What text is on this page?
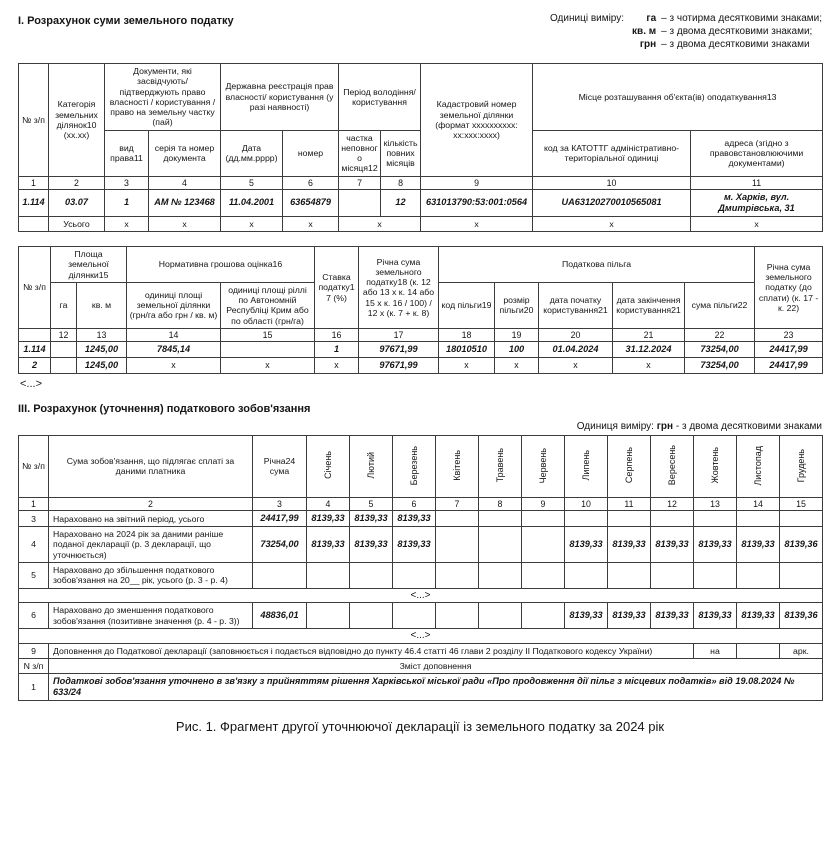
І. Розрахунок суми земельного податку	Одиниці виміру:	га – з чотирма десятковими знаками;
кв. м – з двома десятковими знаками;
грн – з двома десятковими знаками
№ з/п	Категорія земельних ділянок10 (хх.хх)	Документи, які засвідчують/ підтверджують право власності / користування / право на земельну частку (пай)		Державна реєстрація прав власності/ користування (у разі наявності)		Період володіння/ користування		Кадастровий номер земельної ділянки (формат хххххххххх: хх:ххх:хххх)	Місце розташування об'єкта(ів) оподаткування13	
		вид права11	серія та номер документа	Дата (дд.мм.рррр)	номер	частка неповного місяця12	кількість повних місяців		код за КАТОТТГ адміністративно-територіальної одиниці	адреса (згідно з правовстановлюючими документами)
1	2	3	4	5	6	7	8	9	10	11
1.114	03.07	1	АМ № 123468	11.04.2001	63654879		12	631013790:53:001:0564	UA63120270010565081	м. Харків, вул. Дмитрівська, 31
	Усього	x	x	x	x	x		x	x	x
№ з/п	Площа земельної ділянки15		Нормативна грошова оцінка16		Ставка податку17 (%)	Річна сума земельного податку18 (к. 12 або 13 х к. 14 або 15 х к. 16 / 100) / 12 х (к. 7 + к. 8)	Податкова пільга					Річна сума земельного податку (до сплати) (к. 17 - к. 22)
	га	кв. м	одиниці площі земельної ділянки (грн/га або грн / кв. м)	одиниці площі ріллі по Автономній Республіці Крим або по області (грн/га)			код пільги19	розмір пільги20	дата початку користування21	дата закінчення користування21	сума пільги22	
	12	13	14	15	16	17	18	19	20	21	22	23
1.114		1245,00	7845,14		1	97671,99	18010510	100	01.04.2024	31.12.2024	73254,00	24417,99
2		1245,00	x	x	x	97671,99	x	x	x	x	73254,00	24417,99
<...>
ІІІ. Розрахунок (уточнення) податкового зобов'язання
Одиниця виміру: грн - з двома десятковими знаками
№ з/п	Сума зобов'язання, що підлягає сплаті за даними платника	Річна24 сума	Січень	Лютий	Березень	Квітень	Травень	Червень	Липень	Серпень	Вересень	Жовтень	Листопад	Грудень
1	2	3	4	5	6	7	8	9	10	11	12	13	14	15
3	Нараховано на звітний період, усього	24417,99	8139,33	8139,33	8139,33									
4	Нараховано на 2024 рік за даними раніше поданої декларації (р. 3 декларації, що уточнюється)	73254,00	8139,33	8139,33	8139,33				8139,33	8139,33	8139,33	8139,33	8139,33	8139,36
5	Нараховано до збільшення податкового зобов'язання на 20__ рік, усього (р. 3 - р. 4)													
<...>														
6	Нараховано до зменшення податкового зобов'язання (позитивне значення (р. 4 - р. 3))	48836,01							8139,33	8139,33	8139,33	8139,33	8139,33	8139,36
<...>														
9	Доповнення до Податкової декларації (заповнюється і подається відповідно до пункту 46.4 статті 46 глави 2 розділу ІІ Податкового кодексу України)											на		арк.
N з/п	Зміст доповнення													
1	Податкові зобов'язання уточнено в зв'язку з прийняттям рішення Харківської міської ради «Про продовження дії пільг з місцевих податків» від 19.08.2024 № 633/24													
Рис. 1. Фрагмент другої уточнюючої декларації із земельного податку за 2024 рік
